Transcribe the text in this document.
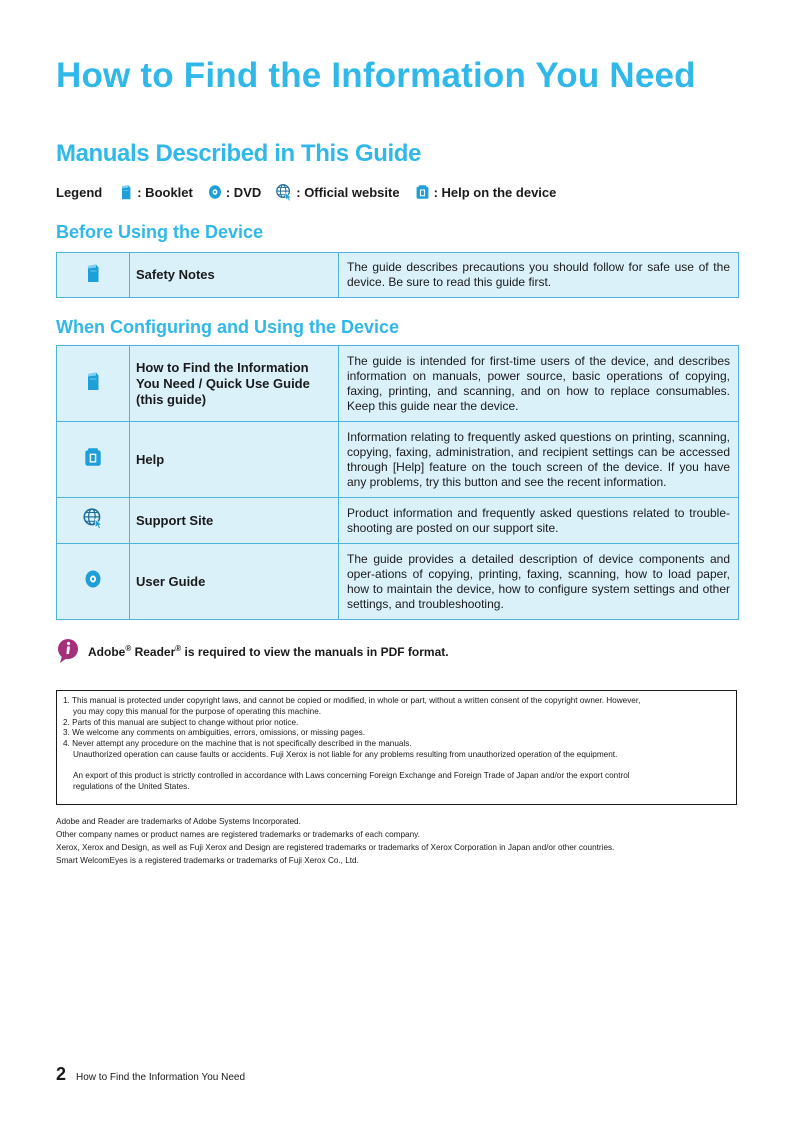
How to Find the Information You Need
Manuals Described in This Guide
Legend	: Booklet	: DVD	: Official website	: Help on the device
Before Using the Device
	Safety Notes	The guide describes precautions you should follow for safe use of the device. Be sure to read this guide first.
When Configuring and Using the Device
	How to Find the Information You Need / Quick Use Guide (this guide)	The guide is intended for first-time users of the device, and describes information on manuals, power source, basic operations of copying, faxing, printing, and scanning, and on how to replace consumables. Keep this guide near the device.
	Help	Information relating to frequently asked questions on printing, scanning, copying, faxing, administration, and recipient settings can be accessed through [Help] feature on the touch screen of the device. If you have any problems, try this button and see the recent information.
	Support Site	Product information and frequently asked questions related to trouble-shooting are posted on our support site.
	User Guide	The guide provides a detailed description of device components and oper-ations of copying, printing, faxing, scanning, how to load paper, how to maintain the device, how to configure system settings and other settings, and troubleshooting.
Adobe® Reader® is required to view the manuals in PDF format.
1. This manual is protected under copyright laws, and cannot be copied or modified, in whole or part, without a written consent of the copyright owner. However,
you may copy this manual for the purpose of operating this machine.
2. Parts of this manual are subject to change without prior notice.
3. We welcome any comments on ambiguities, errors, omissions, or missing pages.
4. Never attempt any procedure on the machine that is not specifically described in the manuals.
Unauthorized operation can cause faults or accidents. Fuji Xerox is not liable for any problems resulting from unauthorized operation of the equipment.
An export of this product is strictly controlled in accordance with Laws concerning Foreign Exchange and Foreign Trade of Japan and/or the export control
regulations of the United States.
Adobe and Reader are trademarks of Adobe Systems Incorporated.
Other company names or product names are registered trademarks or trademarks of each company.
Xerox, Xerox and Design, as well as Fuji Xerox and Design are registered trademarks or trademarks of Xerox Corporation in Japan and/or other countries.
Smart WelcomEyes is a registered trademarks or trademarks of Fuji Xerox Co., Ltd.
2 How to Find the Information You Need
